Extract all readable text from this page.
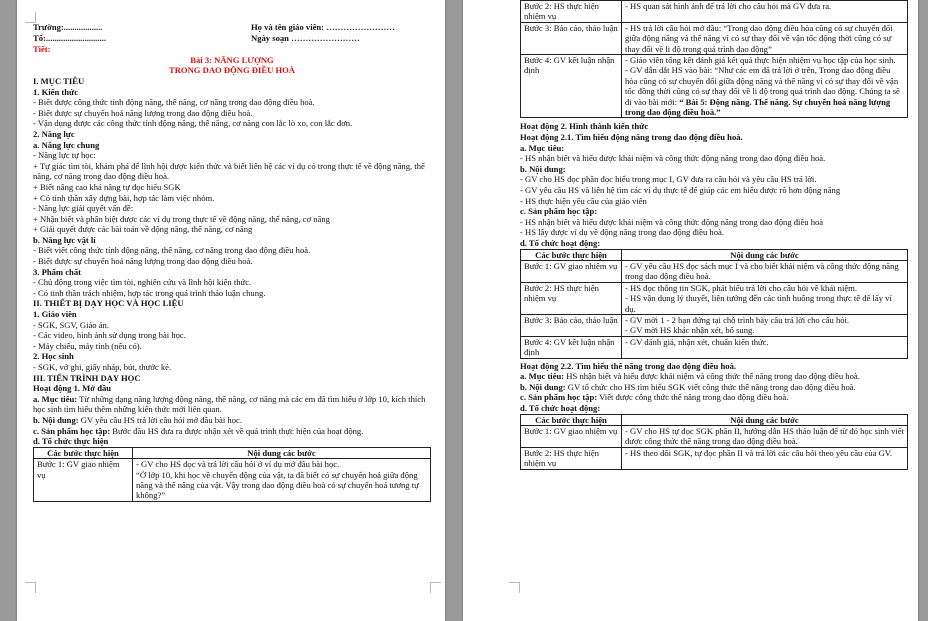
Trường:..................	Họ và tên giáo viên: ……………………
Tổ:............................	Ngày soạn ……………………
Tiết:
Bài 3: NĂNG LƯỢNG
TRONG DAO ĐỘNG ĐIỀU HOÀ
I. MỤC TIÊU
1. Kiến thức
- Biết được công thức tính động năng, thế năng, cơ năng trong dao động điều hoà.
- Biết được sự chuyển hoá năng lượng trong dao động điều hoà.
- Vận dụng được các công thức tính động năng, thế năng, cơ năng con lắc lò xo, con lắc đơn.
2. Năng lực
a. Năng lực chung
- Năng lực tự học:
+ Tự giác tìm tòi, khám phá để lĩnh hội được kiến thức và biết liên hệ các ví dụ có trong thực tế về động năng, thế năng, cơ năng trong dao động điều hoà.
+ Biết năng cao khả năng tự đọc hiểu SGK
+ Có tinh thần xây dựng bài, hợp tác làm việc nhóm.
- Năng lực giải quyết vấn đề:
+ Nhận biết và phân biệt được các ví dụ trong thực tế về động năng, thế năng, cơ năng
+ Giải quyết được các bài toán về động năng, thế năng, cơ năng
b. Năng lực vật lí
- Biết viết công thức tính động năng, thế năng, cơ năng trong dao động điều hoà.
- Biết được sự chuyển hoá năng lượng trong dao động điều hoà.
3. Phẩm chất
- Chủ động trong việc tìm tòi, nghiên cứu và lĩnh hội kiến thức.
- Có tinh thần trách nhiệm, hợp tác trong quá trình thảo luận chung.
II. THIẾT BỊ DẠY HỌC VÀ HỌC LIỆU
1. Giáo viên
- SGK, SGV, Giáo án.
- Các video, hình ảnh sử dụng trong bài học.
- Máy chiếu, máy tính (nếu có).
2. Học sinh
- SGK, vở ghi, giấy nháp, bút, thước kẻ.
III. TIẾN TRÌNH DẠY HỌC
Hoạt động 1. Mở đầu
a. Mục tiêu: Từ những dạng năng lượng động năng, thế năng, cơ năng mà các em đã tìm hiểu ở lớp 10, kích thích học sinh tìm hiểu thêm những kiến thức mới liên quan.
b. Nội dung: GV yêu cầu HS trả lời câu hỏi mở đầu bài học.
c. Sản phẩm học tập: Bước đầu HS đưa ra được nhận xét về quá trình thực hiện của hoạt động.
d. Tổ chức thực hiện
Các bước thực hiện	Nội dung các bước
Bước 1: GV giao nhiệm vụ	- GV cho HS đọc và trả lời câu hỏi ở ví dụ mở đầu bài học.
“Ở lớp 10, khi học về chuyển động của vật, ta đã biết có sự chuyển hoá giữa động năng và thế năng của vật. Vậy trong dao động điều hoà có sự chuyển hoá tương tự không?”
Bước 2: HS thực hiện nhiệm vụ	- HS quan sát hình ảnh để trả lời cho câu hỏi mà GV đưa ra.
Bước 3: Báo cáo, thảo luận	- HS trả lời câu hỏi mở đầu: “Trong dao động điều hòa cũng có sự chuyển đổi giữa động năng và thế năng vì có sự thay đổi về vận tốc động thời cũng có sự thay đổi về li độ trong quá trình dao động”
Bước 4: GV kết luận nhận định	- Giáo viên tổng kết đánh giá kết quả thực hiện nhiệm vụ học tập của học sinh.
- GV dẫn dắt HS vào bài: “Như các em đã trả lời ở trên, Trong dao động điều hòa cũng có sự chuyển đổi giữa động năng và thế năng vì có sự thay đổi về vận tốc đồng thời cũng có sự thay đổi về li độ trong quá trình dao động. Chúng ta sẽ đi vào bài mới: “ Bài 5: Động năng. Thế năng. Sự chuyển hoá năng lượng trong dao động điều hoà.”
Hoạt động 2. Hình thành kiến thức
Hoạt động 2.1. Tìm hiểu động năng trong dao động điều hoà.
a. Mục tiêu:
- HS nhận biết và hiểu được khái niệm và công thức động năng trong dao động điều hoà.
b. Nội dung:
- GV cho HS đọc phần đọc hiểu trong mục I, GV đưa ra câu hỏi và yêu cầu HS trả lời.
- GV yêu cầu HS và liên hệ tìm các ví dụ thực tế để giúp các em hiểu được rõ hơn động năng
- HS thực hiện yêu cầu của giáo viên
c. Sản phẩm học tập:
- HS nhận biết và hiểu được khái niệm và công thức động năng trong dao động điều hoà
- HS lấy được ví dụ về động năng trong dao động điều hoà.
d. Tổ chức hoạt động:
Các bước thực hiện	Nội dung các bước
Bước 1: GV giao nhiệm vụ	- GV yêu cầu HS đọc sách mục I và cho biết khái niệm và công thức động năng trong dao động điều hoà.
Bước 2: HS thực hiện nhiệm vụ	- HS đọc thông tin SGK, phát biểu trả lời cho câu hỏi về khái niệm.
- HS vận dụng lý thuyết, liên tưởng đến các tình huống trong thực tế để lấy ví dụ.

Bước 3: Báo cáo, thảo luận	- GV mời 1 - 2 bạn đứng tại chỗ trình bày câu trả lời cho câu hỏi.
- GV mời HS khác nhận xét, bổ sung.

Bước 4: GV kết luận nhận định	- GV đánh giá, nhận xét, chuẩn kiến thức.
Hoạt động 2.2. Tìm hiểu thế năng trong dao động điều hoà.
a. Mục tiêu: HS nhận biết và hiểu được khái niệm và công thức thế năng trong dao động điều hoà.
b. Nội dung: GV tổ chức cho HS tìm hiểu SGK viết công thức thế năng trong dao động điều hoà.
c. Sản phẩm học tập: Viết được công thức thế năng trong dao động điều hoà.
d. Tổ chức hoạt động:
Các bước thực hiện	Nội dung các bước
Bước 1: GV giao nhiệm vụ	- GV cho HS tự đọc SGK phần II, hướng dẫn HS thảo luận để từ đó học sinh viết được công thức thế năng trong dao động điều hoà.
Bước 2: HS thực hiện nhiệm vụ	- HS theo dõi SGK, tự đọc phần II và trả lời các câu hỏi theo yêu cầu của GV.
